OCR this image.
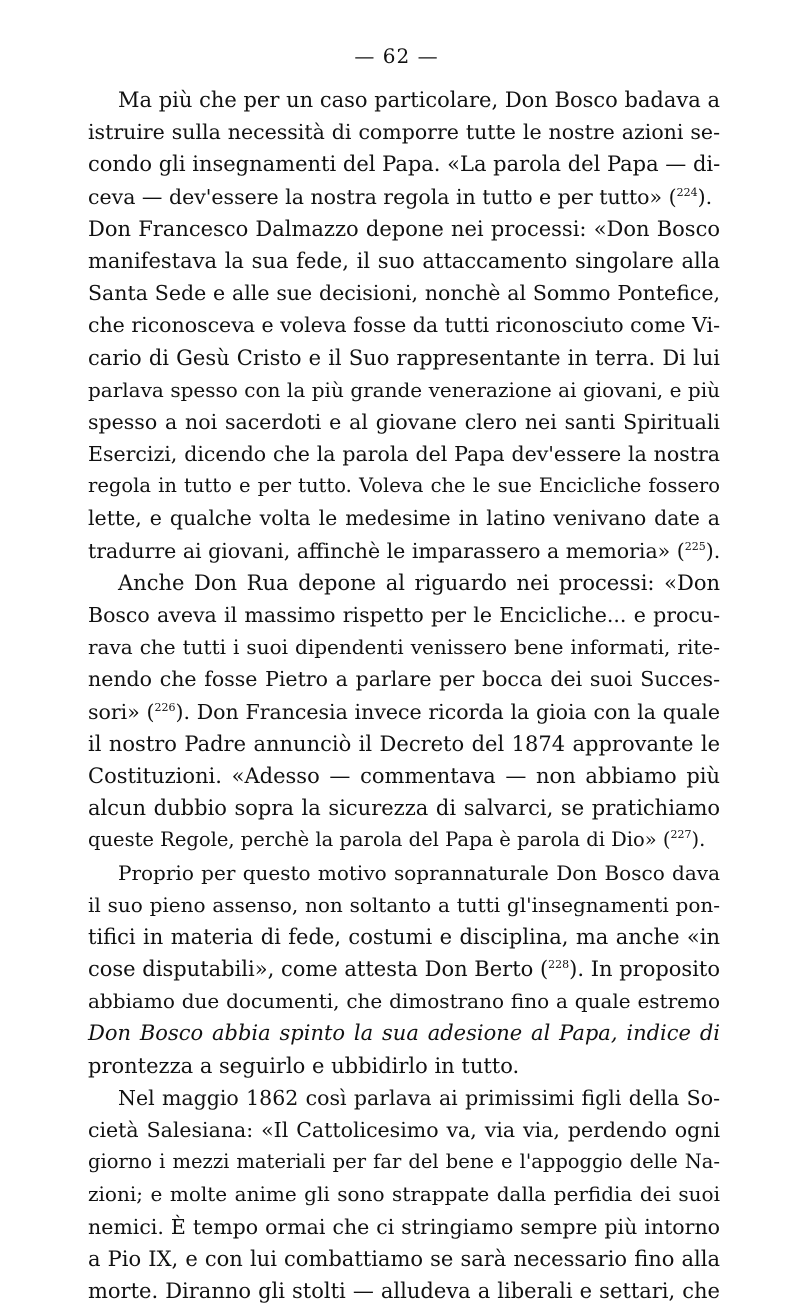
— 62 —
Ma più che per un caso particolare, Don Bosco badava a
istruire sulla necessità di comporre tutte le nostre azioni se-
condo gli insegnamenti del Papa. «La parola del Papa — di-
ceva — dev'essere la nostra regola in tutto e per tutto» ($^{224}$).
Don Francesco Dalmazzo depone nei processi: «Don Bosco
manifestava la sua fede, il suo attaccamento singolare alla
Santa Sede e alle sue decisioni, nonchè al Sommo Pontefice,
che riconosceva e voleva fosse da tutti riconosciuto come Vi-
cario di Gesù Cristo e il Suo rappresentante in terra. Di lui
parlava spesso con la più grande venerazione ai giovani, e più
spesso a noi sacerdoti e al giovane clero nei santi Spirituali
Esercizi, dicendo che la parola del Papa dev'essere la nostra
regola in tutto e per tutto. Voleva che le sue Encicliche fossero
lette, e qualche volta le medesime in latino venivano date a
tradurre ai giovani, affinchè le imparassero a memoria» ($^{225}$).
Anche Don Rua depone al riguardo nei processi: «Don
Bosco aveva il massimo rispetto per le Encicliche... e procu-
rava che tutti i suoi dipendenti venissero bene informati, rite-
nendo che fosse Pietro a parlare per bocca dei suoi Succes-
sori» ($^{226}$). Don Francesia invece ricorda la gioia con la quale
il nostro Padre annunciò il Decreto del 1874 approvante le
Costituzioni. «Adesso — commentava — non abbiamo più
alcun dubbio sopra la sicurezza di salvarci, se pratichiamo
queste Regole, perchè la parola del Papa è parola di Dio» ($^{227}$).
Proprio per questo motivo soprannaturale Don Bosco dava
il suo pieno assenso, non soltanto a tutti gl'insegnamenti pon-
tifici in materia di fede, costumi e disciplina, ma anche «in
cose disputabili», come attesta Don Berto ($^{228}$). In proposito
abbiamo due documenti, che dimostrano fino a quale estremo
Don Bosco abbia spinto la sua adesione al Papa, indice di
prontezza a seguirlo e ubbidirlo in tutto.
Nel maggio 1862 così parlava ai primissimi figli della So-
cietà Salesiana: «Il Cattolicesimo va, via via, perdendo ogni
giorno i mezzi materiali per far del bene e l'appoggio delle Na-
zioni; e molte anime gli sono strappate dalla perfidia dei suoi
nemici. È tempo ormai che ci stringiamo sempre più intorno
a Pio IX, e con lui combattiamo se sarà necessario fino alla
morte. Diranno gli stolti — alludeva a liberali e settari, che
